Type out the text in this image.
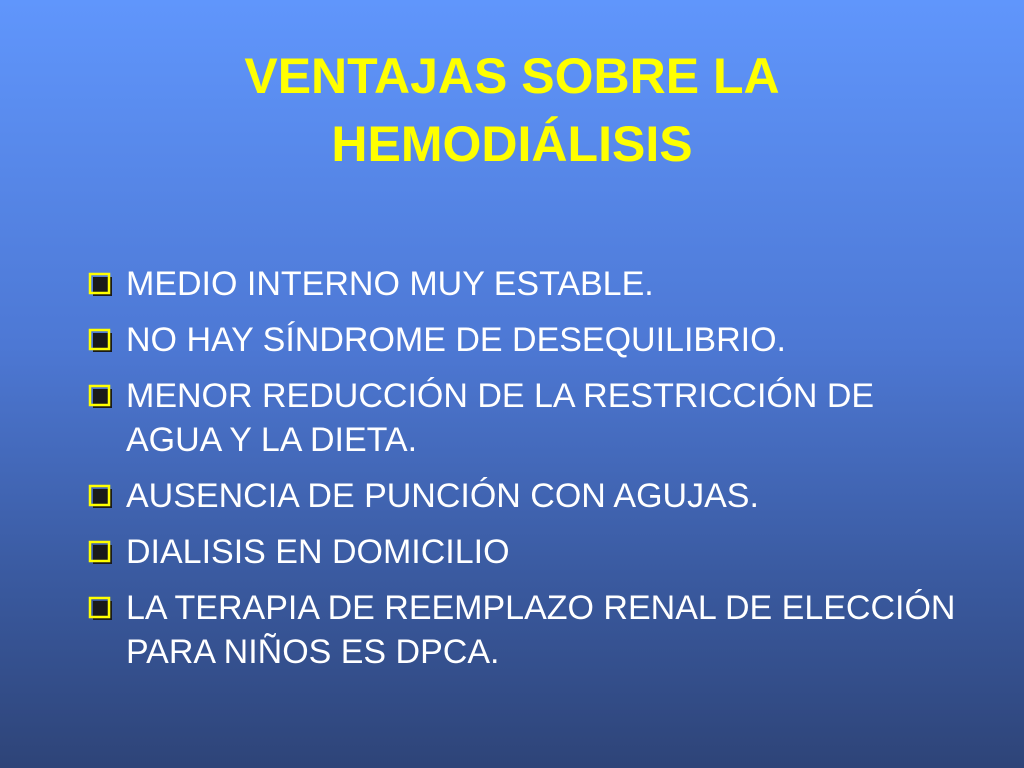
VENTAJAS SOBRE LA
HEMODIÁLISIS
MEDIO INTERNO MUY ESTABLE.
NO HAY SÍNDROME DE DESEQUILIBRIO.
MENOR REDUCCIÓN DE LA RESTRICCIÓN DE AGUA Y LA DIETA.
AUSENCIA DE PUNCIÓN CON AGUJAS.
DIALISIS EN DOMICILIO
LA TERAPIA DE REEMPLAZO RENAL DE ELECCIÓN PARA NIÑOS ES DPCA.
